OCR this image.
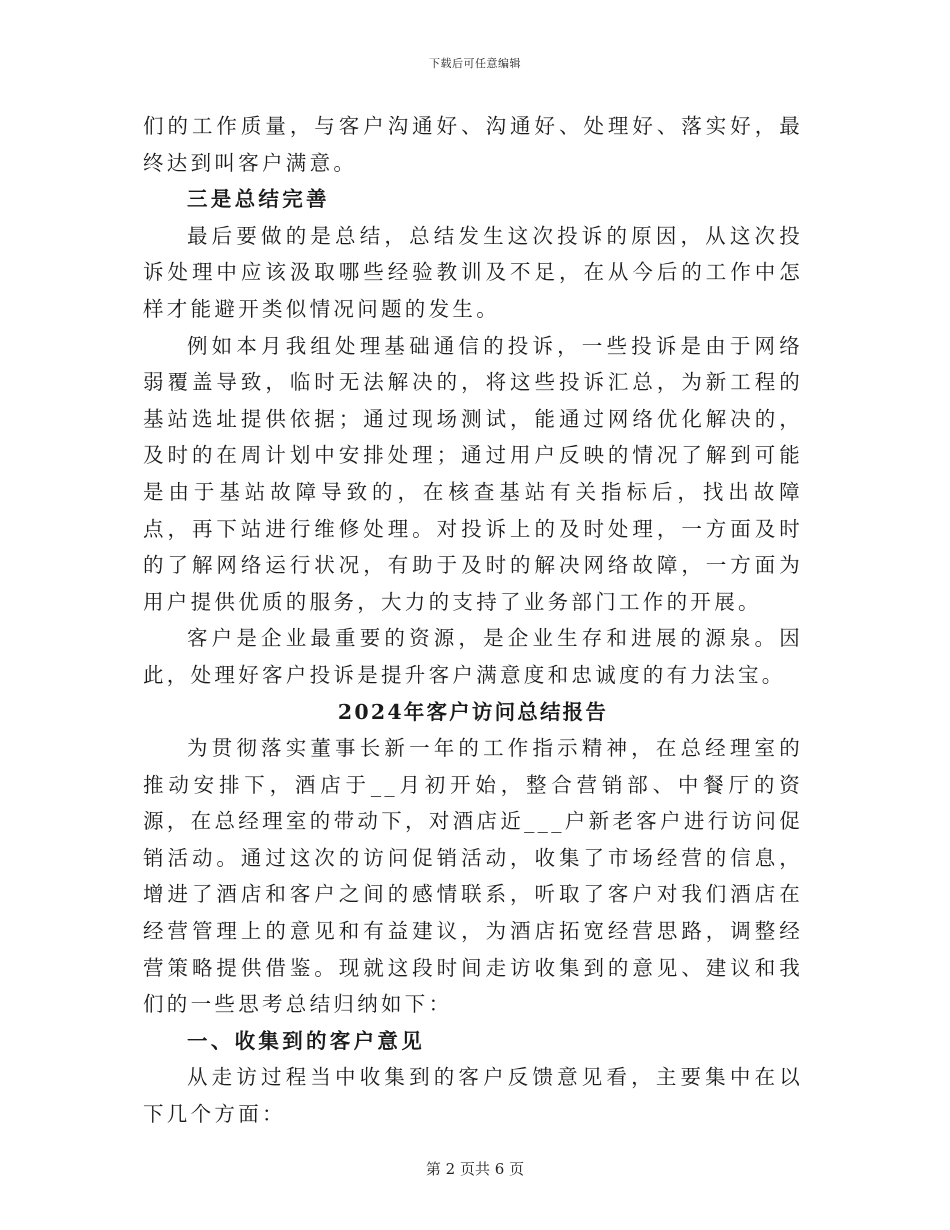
下载后可任意编辑

们的工作质量，与客户沟通好、沟通好、处理好、落实好，最终达到叫客户满意。

三是总结完善

最后要做的是总结，总结发生这次投诉的原因，从这次投诉处理中应该汲取哪些经验教训及不足，在从今后的工作中怎样才能避开类似情况问题的发生。

例如本月我组处理基础通信的投诉，一些投诉是由于网络弱覆盖导致，临时无法解决的，将这些投诉汇总，为新工程的基站选址提供依据；通过现场测试，能通过网络优化解决的，及时的在周计划中安排处理；通过用户反映的情况了解到可能是由于基站故障导致的，在核查基站有关指标后，找出故障点，再下站进行维修处理。对投诉上的及时处理，一方面及时的了解网络运行状况，有助于及时的解决网络故障，一方面为用户提供优质的服务，大力的支持了业务部门工作的开展。

客户是企业最重要的资源，是企业生存和进展的源泉。因此，处理好客户投诉是提升客户满意度和忠诚度的有力法宝。

2024年客户访问总结报告

为贯彻落实董事长新一年的工作指示精神，在总经理室的推动安排下，酒店于__月初开始，整合营销部、中餐厅的资源，在总经理室的带动下，对酒店近___户新老客户进行访问促销活动。通过这次的访问促销活动，收集了市场经营的信息，增进了酒店和客户之间的感情联系，听取了客户对我们酒店在经营管理上的意见和有益建议，为酒店拓宽经营思路，调整经营策略提供借鉴。现就这段时间走访收集到的意见、建议和我们的一些思考总结归纳如下：

一、收集到的客户意见

从走访过程当中收集到的客户反馈意见看，主要集中在以下几个方面：

第 2 页共 6 页
